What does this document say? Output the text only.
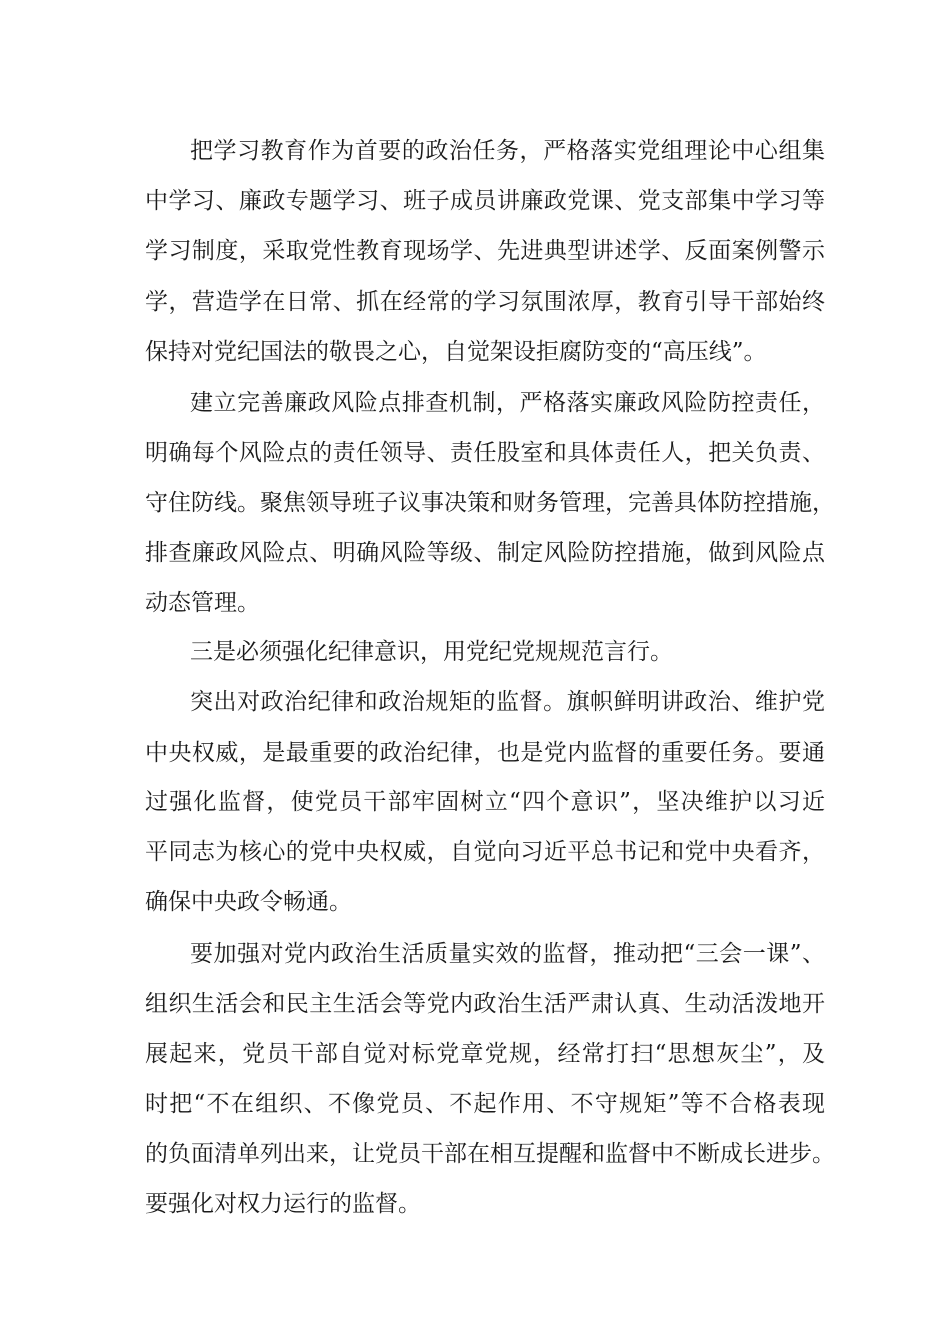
把学习教育作为首要的政治任务，严格落实党组理论中心组集
中学习、廉政专题学习、班子成员讲廉政党课、党支部集中学习等
学习制度，采取党性教育现场学、先进典型讲述学、反面案例警示
学，营造学在日常、抓在经常的学习氛围浓厚，教育引导干部始终
保持对党纪国法的敬畏之心，自觉架设拒腐防变的“高压线”。
建立完善廉政风险点排查机制，严格落实廉政风险防控责任，
明确每个风险点的责任领导、责任股室和具体责任人，把关负责、
守住防线。聚焦领导班子议事决策和财务管理，完善具体防控措施，
排查廉政风险点、明确风险等级、制定风险防控措施，做到风险点
动态管理。
三是必须强化纪律意识，用党纪党规规范言行。
突出对政治纪律和政治规矩的监督。旗帜鲜明讲政治、维护党
中央权威，是最重要的政治纪律，也是党内监督的重要任务。要通
过强化监督，使党员干部牢固树立“四个意识”，坚决维护以习近
平同志为核心的党中央权威，自觉向习近平总书记和党中央看齐，
确保中央政令畅通。
要加强对党内政治生活质量实效的监督，推动把“三会一课”、
组织生活会和民主生活会等党内政治生活严肃认真、生动活泼地开
展起来，党员干部自觉对标党章党规，经常打扫“思想灰尘”，及
时把“不在组织、不像党员、不起作用、不守规矩”等不合格表现
的负面清单列出来，让党员干部在相互提醒和监督中不断成长进步。
要强化对权力运行的监督。
